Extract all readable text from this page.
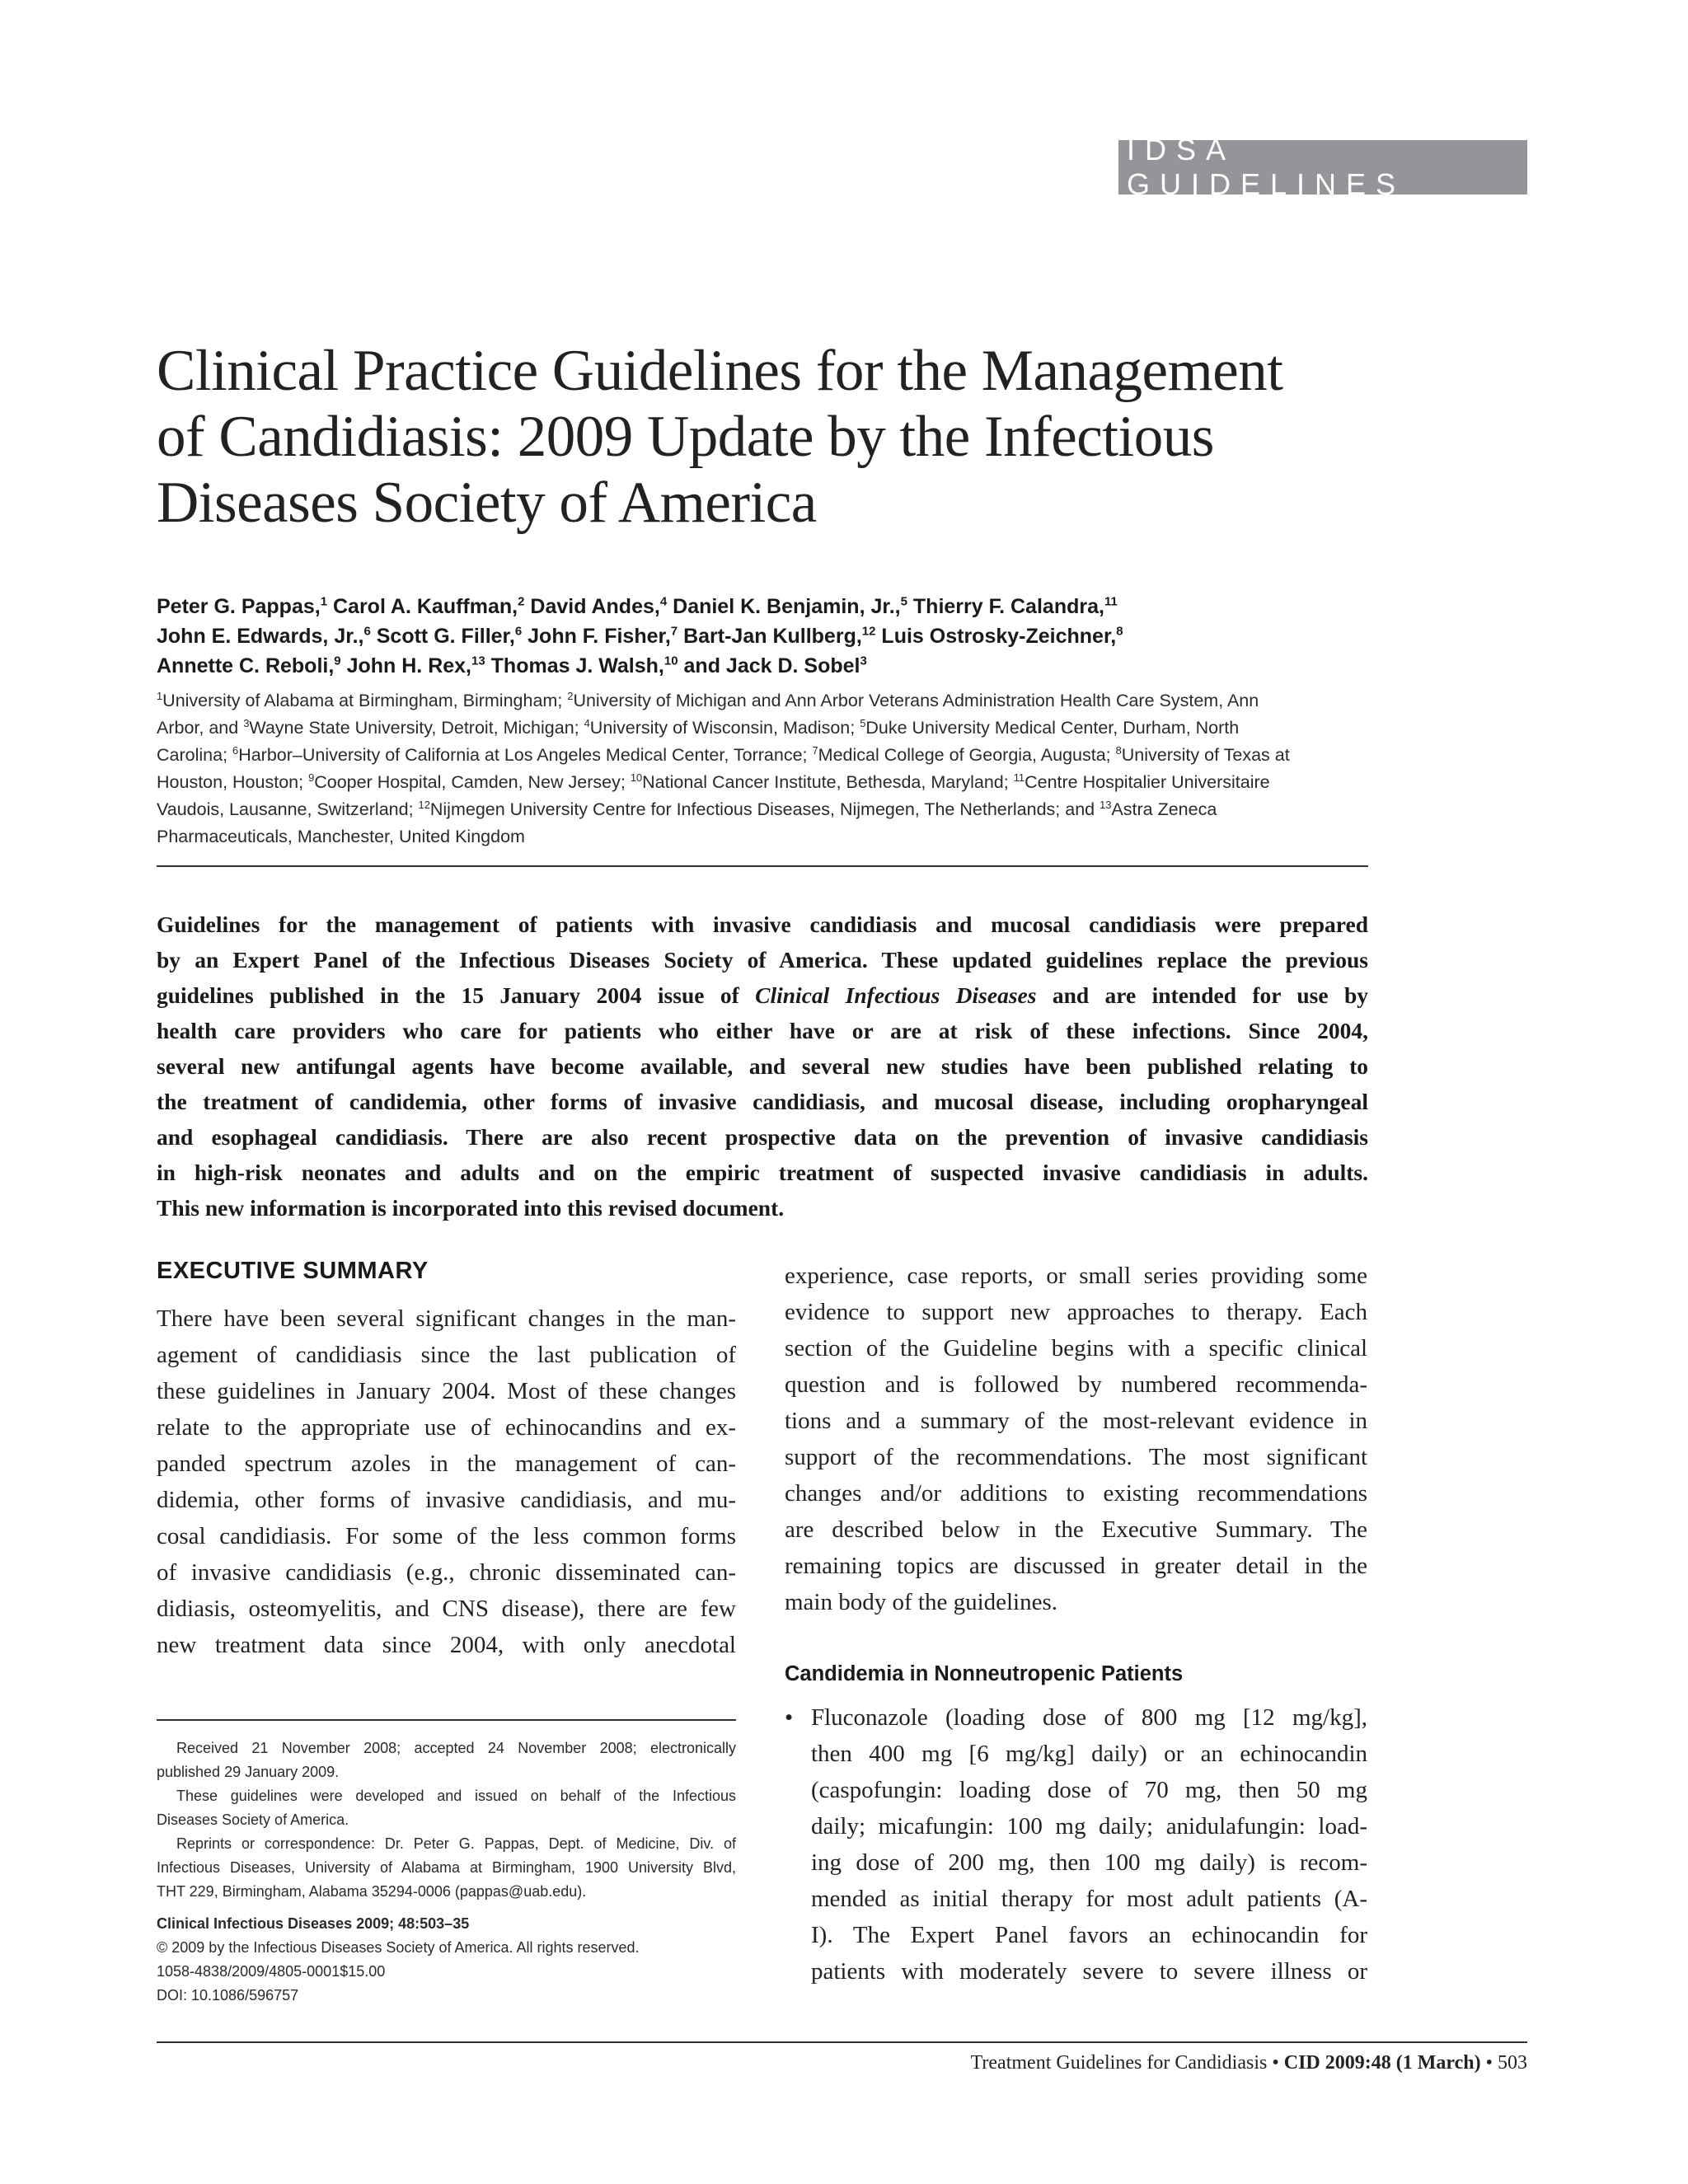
IDSA GUIDELINES
Clinical Practice Guidelines for the Management
of Candidiasis: 2009 Update by the Infectious
Diseases Society of America
Peter G. Pappas,$^1$ Carol A. Kauffman,$^2$ David Andes,$^4$ Daniel K. Benjamin, Jr.,$^5$ Thierry F. Calandra,$^{11}$
John E. Edwards, Jr.,$^6$ Scott G. Filler,$^6$ John F. Fisher,$^7$ Bart-Jan Kullberg,$^{12}$ Luis Ostrosky-Zeichner,$^8$
Annette C. Reboli,$^9$ John H. Rex,$^{13}$ Thomas J. Walsh,$^{10}$ and Jack D. Sobel$^3$
$^1$University of Alabama at Birmingham, Birmingham; $^2$University of Michigan and Ann Arbor Veterans Administration Health Care System, Ann
Arbor, and $^3$Wayne State University, Detroit, Michigan; $^4$University of Wisconsin, Madison; $^5$Duke University Medical Center, Durham, North
Carolina; $^6$Harbor–University of California at Los Angeles Medical Center, Torrance; $^7$Medical College of Georgia, Augusta; $^8$University of Texas at
Houston, Houston; $^9$Cooper Hospital, Camden, New Jersey; $^{10}$National Cancer Institute, Bethesda, Maryland; $^{11}$Centre Hospitalier Universitaire
Vaudois, Lausanne, Switzerland; $^{12}$Nijmegen University Centre for Infectious Diseases, Nijmegen, The Netherlands; and $^{13}$Astra Zeneca
Pharmaceuticals, Manchester, United Kingdom
Guidelines for the management of patients with invasive candidiasis and mucosal candidiasis were prepared
by an Expert Panel of the Infectious Diseases Society of America. These updated guidelines replace the previous
guidelines published in the 15 January 2004 issue of Clinical Infectious Diseases and are intended for use by
health care providers who care for patients who either have or are at risk of these infections. Since 2004,
several new antifungal agents have become available, and several new studies have been published relating to
the treatment of candidemia, other forms of invasive candidiasis, and mucosal disease, including oropharyngeal
and esophageal candidiasis. There are also recent prospective data on the prevention of invasive candidiasis
in high-risk neonates and adults and on the empiric treatment of suspected invasive candidiasis in adults.
This new information is incorporated into this revised document.
EXECUTIVE SUMMARY
There have been several significant changes in the man-
agement of candidiasis since the last publication of
these guidelines in January 2004. Most of these changes
relate to the appropriate use of echinocandins and ex-
panded spectrum azoles in the management of can-
didemia, other forms of invasive candidiasis, and mu-
cosal candidiasis. For some of the less common forms
of invasive candidiasis (e.g., chronic disseminated can-
didiasis, osteomyelitis, and CNS disease), there are few
new treatment data since 2004, with only anecdotal
experience, case reports, or small series providing some
evidence to support new approaches to therapy. Each
section of the Guideline begins with a specific clinical
question and is followed by numbered recommenda-
tions and a summary of the most-relevant evidence in
support of the recommendations. The most significant
changes and/or additions to existing recommendations
are described below in the Executive Summary. The
remaining topics are discussed in greater detail in the
main body of the guidelines.
Candidemia in Nonneutropenic Patients
• Fluconazole (loading dose of 800 mg [12 mg/kg],
then 400 mg [6 mg/kg] daily) or an echinocandin
(caspofungin: loading dose of 70 mg, then 50 mg
daily; micafungin: 100 mg daily; anidulafungin: load-
ing dose of 200 mg, then 100 mg daily) is recom-
mended as initial therapy for most adult patients (A-
I). The Expert Panel favors an echinocandin for
patients with moderately severe to severe illness or
Received 21 November 2008; accepted 24 November 2008; electronically
published 29 January 2009.
These guidelines were developed and issued on behalf of the Infectious
Diseases Society of America.
Reprints or correspondence: Dr. Peter G. Pappas, Dept. of Medicine, Div. of
Infectious Diseases, University of Alabama at Birmingham, 1900 University Blvd,
THT 229, Birmingham, Alabama 35294-0006 (pappas@uab.edu).
Clinical Infectious Diseases 2009; 48:503–35
© 2009 by the Infectious Diseases Society of America. All rights reserved.
1058-4838/2009/4805-0001$15.00
DOI: 10.1086/596757
Treatment Guidelines for Candidiasis • CID 2009:48 (1 March) • 503
